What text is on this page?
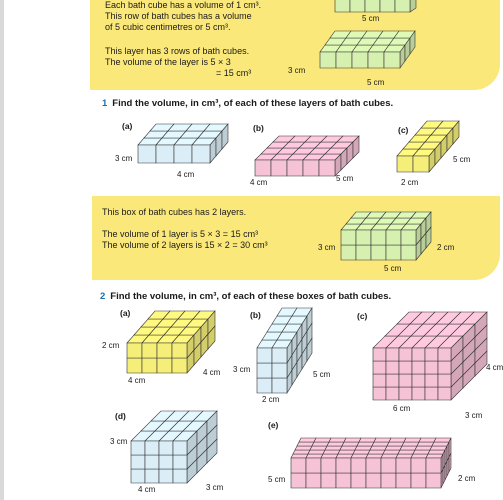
Each bath cube has a volume of 1 cm³.
This row of bath cubes has a volume
of 5 cubic centimetres or 5 cm³.
This layer has 3 rows of bath cubes.
The volume of the layer is 5 × 3
= 15 cm³
5 cm
3 cm
5 cm
1 Find the volume, in cm³, of each of these layers of bath cubes.
(a)	(b)	(c)
3 cm
4 cm
4 cm	5 cm
5 cm
2 cm
This box of bath cubes has 2 layers.
The volume of 1 layer is 5 × 3 = 15 cm³
The volume of 2 layers is 15 × 2 = 30 cm³	3 cm	2 cm
5 cm
2 Find the volume, in cm³, of each of these boxes of bath cubes.
(a)	(b)	(c)
(d)
(e)
2 cm
4 cm
4 cm 3 cm
5 cm
2 cm
4 cm
6 cm
3 cm
3 cm
4 cm	3 cm
5 cm	2 cm
